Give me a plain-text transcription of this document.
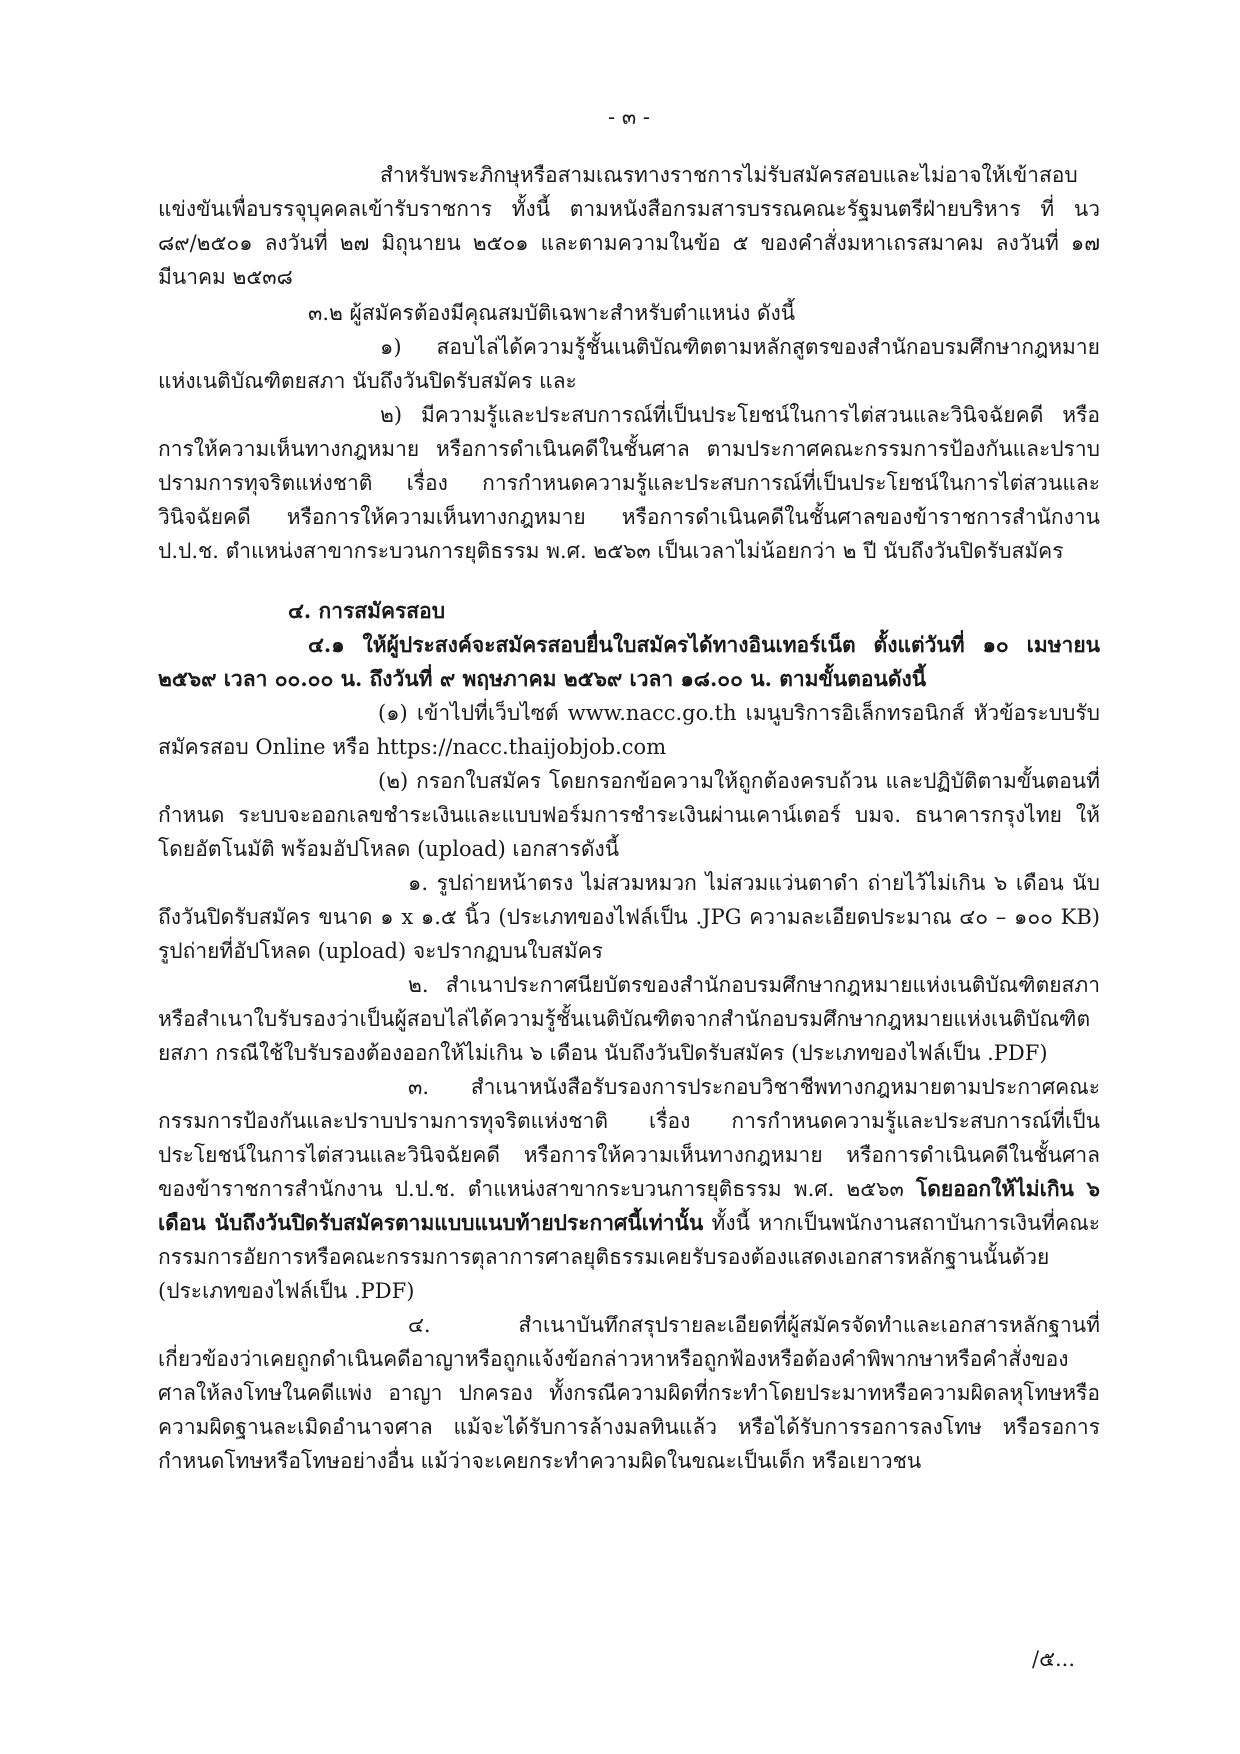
- ๓ -

สำหรับพระภิกษุหรือสามเณรทางราชการไม่รับสมัครสอบและไม่อาจให้เข้าสอบแข่งขันเพื่อบรรจุบุคคลเข้ารับราชการ ทั้งนี้ ตามหนังสือกรมสารบรรณคณะรัฐมนตรีฝ่ายบริหาร ที่ นว ๘๙/๒๕๐๑ ลงวันที่ ๒๗ มิถุนายน ๒๕๐๑ และตามความในข้อ ๕ ของคำสั่งมหาเถรสมาคม ลงวันที่ ๑๗ มีนาคม ๒๕๓๘

๓.๒ ผู้สมัครต้องมีคุณสมบัติเฉพาะสำหรับตำแหน่ง ดังนี้

๑) สอบไล่ได้ความรู้ชั้นเนติบัณฑิตตามหลักสูตรของสำนักอบรมศึกษากฎหมายแห่งเนติบัณฑิตยสภา นับถึงวันปิดรับสมัคร และ

๒) มีความรู้และประสบการณ์ที่เป็นประโยชน์ในการไต่สวนและวินิจฉัยคดี หรือการให้ความเห็นทางกฎหมาย หรือการดำเนินคดีในชั้นศาล ตามประกาศคณะกรรมการป้องกันและปราบปรามการทุจริตแห่งชาติ เรื่อง การกำหนดความรู้และประสบการณ์ที่เป็นประโยชน์ในการไต่สวนและวินิจฉัยคดี หรือการให้ความเห็นทางกฎหมาย หรือการดำเนินคดีในชั้นศาลของข้าราชการสำนักงาน ป.ป.ช. ตำแหน่งสาขากระบวนการยุติธรรม พ.ศ. ๒๕๖๓ เป็นเวลาไม่น้อยกว่า ๒ ปี นับถึงวันปิดรับสมัคร

๔. การสมัครสอบ

๔.๑ ให้ผู้ประสงค์จะสมัครสอบยื่นใบสมัครได้ทางอินเทอร์เน็ต ตั้งแต่วันที่ ๑๐ เมษายน ๒๕๖๙ เวลา ๐๐.๐๐ น. ถึงวันที่ ๙ พฤษภาคม ๒๕๖๙ เวลา ๑๘.๐๐ น. ตามขั้นตอนดังนี้

(๑) เข้าไปที่เว็บไซต์ www.nacc.go.th เมนูบริการอิเล็กทรอนิกส์ หัวข้อระบบรับสมัครสอบ Online หรือ https://nacc.thaijobjob.com

(๒) กรอกใบสมัคร โดยกรอกข้อความให้ถูกต้องครบถ้วน และปฏิบัติตามขั้นตอนที่กำหนด ระบบจะออกเลขชำระเงินและแบบฟอร์มการชำระเงินผ่านเคาน์เตอร์ บมจ. ธนาคารกรุงไทย ให้โดยอัตโนมัติ พร้อมอัปโหลด (upload) เอกสารดังนี้

๑. รูปถ่ายหน้าตรง ไม่สวมหมวก ไม่สวมแว่นตาดำ ถ่ายไว้ไม่เกิน ๖ เดือน นับถึงวันปิดรับสมัคร ขนาด ๑ x ๑.๕ นิ้ว (ประเภทของไฟล์เป็น .JPG ความละเอียดประมาณ ๔๐ – ๑๐๐ KB) รูปถ่ายที่อัปโหลด (upload) จะปรากฏบนใบสมัคร

๒. สำเนาประกาศนียบัตรของสำนักอบรมศึกษากฎหมายแห่งเนติบัณฑิตยสภา หรือสำเนาใบรับรองว่าเป็นผู้สอบไล่ได้ความรู้ชั้นเนติบัณฑิตจากสำนักอบรมศึกษากฎหมายแห่งเนติบัณฑิตยสภา กรณีใช้ใบรับรองต้องออกให้ไม่เกิน ๖ เดือน นับถึงวันปิดรับสมัคร (ประเภทของไฟล์เป็น .PDF)

๓. สำเนาหนังสือรับรองการประกอบวิชาชีพทางกฎหมายตามประกาศคณะกรรมการป้องกันและปราบปรามการทุจริตแห่งชาติ เรื่อง การกำหนดความรู้และประสบการณ์ที่เป็นประโยชน์ในการไต่สวนและวินิจฉัยคดี หรือการให้ความเห็นทางกฎหมาย หรือการดำเนินคดีในชั้นศาลของข้าราชการสำนักงาน ป.ป.ช. ตำแหน่งสาขากระบวนการยุติธรรม พ.ศ. ๒๕๖๓ โดยออกให้ไม่เกิน ๖ เดือน นับถึงวันปิดรับสมัครตามแบบแนบท้ายประกาศนี้เท่านั้น ทั้งนี้ หากเป็นพนักงานสถาบันการเงินที่คณะกรรมการอัยการหรือคณะกรรมการตุลาการศาลยุติธรรมเคยรับรองต้องแสดงเอกสารหลักฐานนั้นด้วย (ประเภทของไฟล์เป็น .PDF)

๔. สำเนาบันทึกสรุปรายละเอียดที่ผู้สมัครจัดทำและเอกสารหลักฐานที่เกี่ยวข้องว่าเคยถูกดำเนินคดีอาญาหรือถูกแจ้งข้อกล่าวหาหรือถูกฟ้องหรือต้องคำพิพากษาหรือคำสั่งของศาลให้ลงโทษในคดีแพ่ง อาญา ปกครอง ทั้งกรณีความผิดที่กระทำโดยประมาทหรือความผิดลหุโทษหรือความผิดฐานละเมิดอำนาจศาล แม้จะได้รับการล้างมลทินแล้ว หรือได้รับการรอการลงโทษ หรือรอการกำหนดโทษหรือโทษอย่างอื่น แม้ว่าจะเคยกระทำความผิดในขณะเป็นเด็ก หรือเยาวชน

/๕...
